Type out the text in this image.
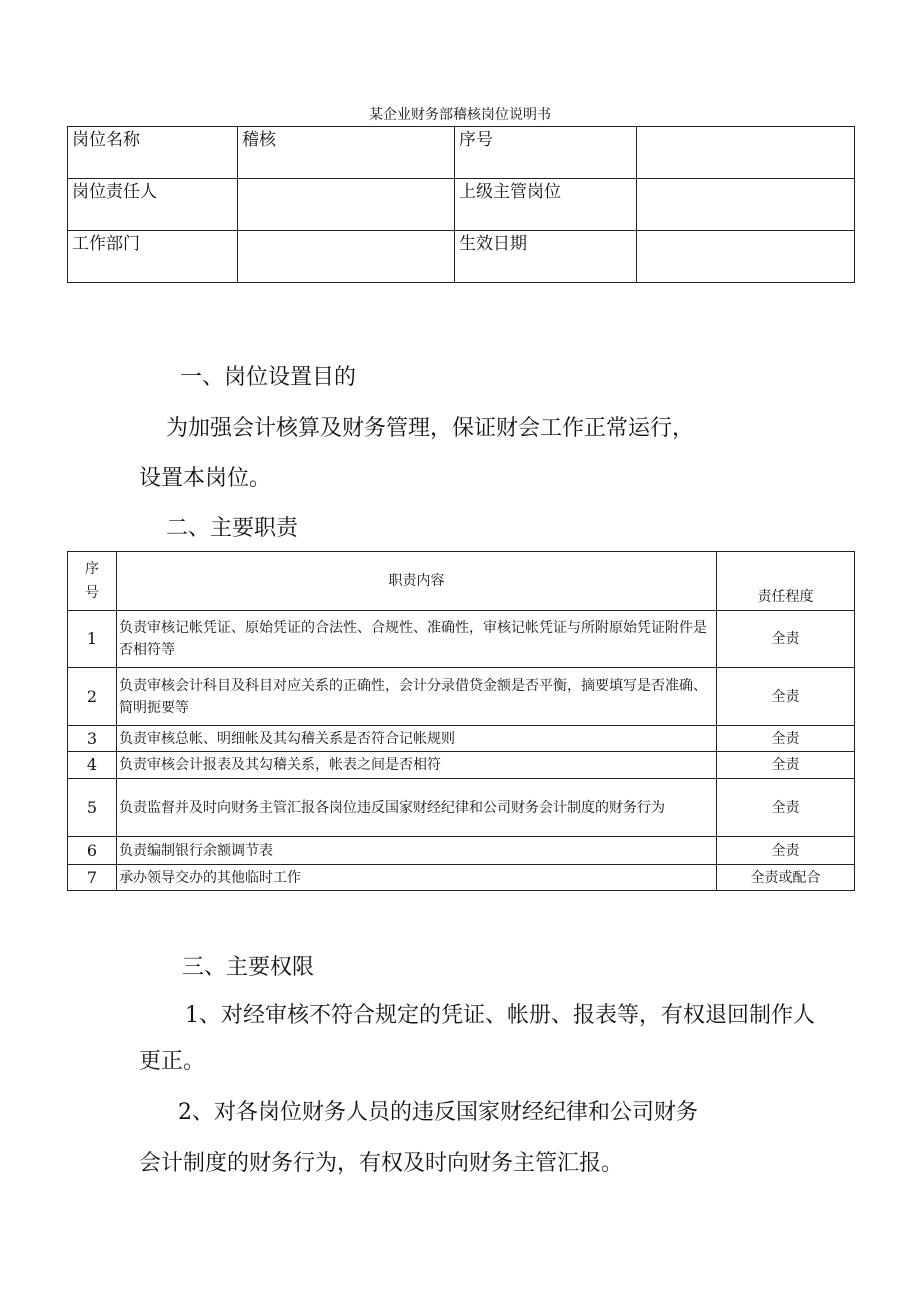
某企业财务部稽核岗位说明书
岗位名称	稽核	序号	
岗位责任人		上级主管岗位	
工作部门		生效日期	
一、岗位设置目的
为加强会计核算及财务管理，保证财会工作正常运行，
设置本岗位。
二、主要职责
序
号	职责内容	责任程度
1	负责审核记帐凭证、原始凭证的合法性、合规性、准确性，审核记帐凭证与所附原始凭证附件是否相符等	全责
2	负责审核会计科目及科目对应关系的正确性，会计分录借贷金额是否平衡，摘要填写是否准确、简明扼要等	全责
3	负责审核总帐、明细帐及其勾稽关系是否符合记帐规则	全责
4	负责审核会计报表及其勾稽关系，帐表之间是否相符	全责
5	负责监督并及时向财务主管汇报各岗位违反国家财经纪律和公司财务会计制度的财务行为	全责
6	负责编制银行余额调节表	全责
7	承办领导交办的其他临时工作	全责或配合
三、主要权限
1、对经审核不符合规定的凭证、帐册、报表等，有权退回制作人
更正。
2、对各岗位财务人员的违反国家财经纪律和公司财务
会计制度的财务行为，有权及时向财务主管汇报。
